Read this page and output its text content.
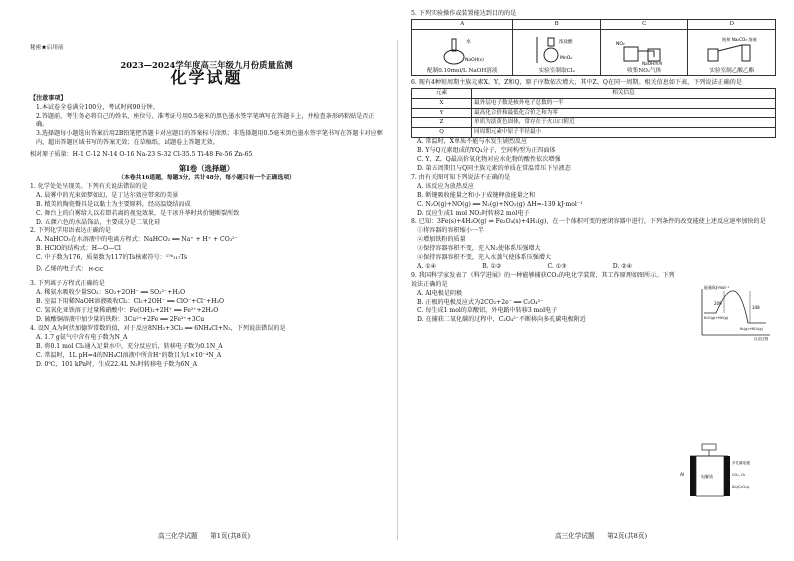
秘密★启用前
2023—2024学年度高三年级九月份质量监测
化学试题
【注意事项】
1.本试卷全卷满分100分，考试时间90分钟。
2.答题前，考生务必将自己的姓名、座位号、准考证号用0.5毫米的黑色墨水签字笔填写在答题卡上，并检查条形码粘贴是否正确。
3.选择题每小题选出答案后用2B铅笔把答题卡对应题目的答案标号涂黑；非选择题用0.5毫米黑色墨水签字笔书写在答题卡对应框内，超出答题区域书写的答案无效；在草稿纸、试题卷上答题无效。
相对原子质量：H-1 C-12 N-14 O-16 Na-23 S-32 Cl-35.5 Ti-48 Fe-56 Zn-65
第Ⅰ卷（选择题）
（本卷共16道题，每题3分，共计48分，每小题只有一个正确选项）

1. 化学处处呈现美。下列有关说法错误的是

A. 晨雾中的光束如梦如幻，是丁达尔效应带来的美景

B. 精美的陶瓷餐具是以黏土为主要原料，经高温烧结而成

C. 舞台上的白雾给人以若即若离的视觉效果，是干冰升华时共价键断裂所致

D. 五颜六色的水晶饰品，主要成分是二氧化硅

2. 下列化学用语表达正确的是

A. NaHCO₃在水溶液中的电离方程式：NaHCO₃ ══ Na⁺ + H⁺ + CO₃²⁻

B. HClO的结构式：H—O—Cl

C. 中子数为176，质量数为117的Ts核素符号：¹⁷⁶₁₁₇Ts

D. 乙烯的电子式： H C C

3. 下列离子方程式正确的是

A. 稀氨水吸收少量SO₂：SO₂+2OH⁻ ══ SO₃²⁻+H₂O

B. 室温下用稀NaOH溶液吸收Cl₂：Cl₂+2OH⁻ ══ ClO⁻+Cl⁻+H₂O

C. 氢氧化亚铁溶于过量稀硝酸中：Fe(OH)₂+2H⁺ ══ Fe²⁺+2H₂O

D. 硫酸铜溶液中加少量的铁粉：3Cu²⁺+2Fe ══ 2Fe³⁺+3Cu

4. 设N_A为阿伏加德罗常数的值，对于反应8NH₃+3Cl₂ ══ 6NH₄Cl+N₂，下列说法错误的是

A. 1.7 g氨气中含有电子数为N_A

B. 将0.1 mol Cl₂通入足量水中，充分反应后，转移电子数为0.1N_A

C. 常温时，1L pH=4的NH₄Cl溶液中所含H⁺的数目为1×10⁻⁴N_A

D. 0℃，101 kPa时，生成22.4L N₂时转移电子数为6N_A

高三化学试题      第1页(共8页)

5. 下列实验操作或装置能达到目的的是

A	B	C	D

水
NaOH(s)
配制0.10mol/L NaOH溶液	浓盐酸
MnO₂
实验室制取Cl₂	NO₂
NaOH溶液
收集NO₂气体	饱和 Na₂CO₃ 溶液
实验室制乙酸乙酯

6. 现有4种短周期主族元素X、Y、Z和Q，原子序数依次增大，其中Z、Q在同一周期。相关信息如下表，下列说法正确的是

元素	相关信息
X	最外层电子数是核外电子总数的一半
Y	最高化合价和最低化合价之和为零
Z	单质为淡黄色固体，常存在于火山口附近
Q	同周期元素中原子半径最小

A. 常温时，X单质不能与水发生剧烈反应

B. Y与Q元素组成的YQ₄分子，空间构型为正四面体

C. Y、Z、Q最高价氧化物对应水化物的酸性依次增强

D. 第五周期且与Q同主族元素的单质在常温常压下呈液态

7. 由有关图可知下列说法不正确的是

A. 该反应为放热反应

B. 断键吸收能量之和小于成键释放能量之和

C. N₂O(g)+NO(g) ══ N₂(g)+NO₂(g) ΔH=-139 kJ·mol⁻¹

D. 反应生成1 mol NO₂时转移2 mol电子

8. 已知：3Fe(s)+4H₂O(g) ⇌ Fe₃O₄(s)+4H₂(g)，在一个体积可变的密闭容器中进行，下列条件的改变能使上述反应速率加快的是

①将容器的容积缩小一半

②增加铁粉的质量

③保持容器容积不变，充入N₂使体系压强增大

④保持容器容积不变，充入水蒸气使体系压强增大

A. ①④	B. ①②	C. ①③	D. ②④

9. 我国科学家发表了《科学进展》的一种能够捕获CO₂的电化学装置，其工作原理如图所示。下列说法正确的是

A. Al电极是阴极

B. 正极的电极反应式为2CO₂+2e⁻ ══ C₂O₄²⁻

C. 每生成1 mol的草酸铝，外电路中转移3 mol电子

D. 在捕获二氧化碳的过程中，C₂O₄²⁻不断移向多孔碳电极附近

能量/kJ·mol⁻¹
209
348
N₂O(g)+NO(g)
N₂(g)+NO₂(g)
反应过程
Al	电解质
多孔碳电极
CO₂, O₂
Al₂(C₂O₄)₃
高三化学试题      第2页(共8页)
